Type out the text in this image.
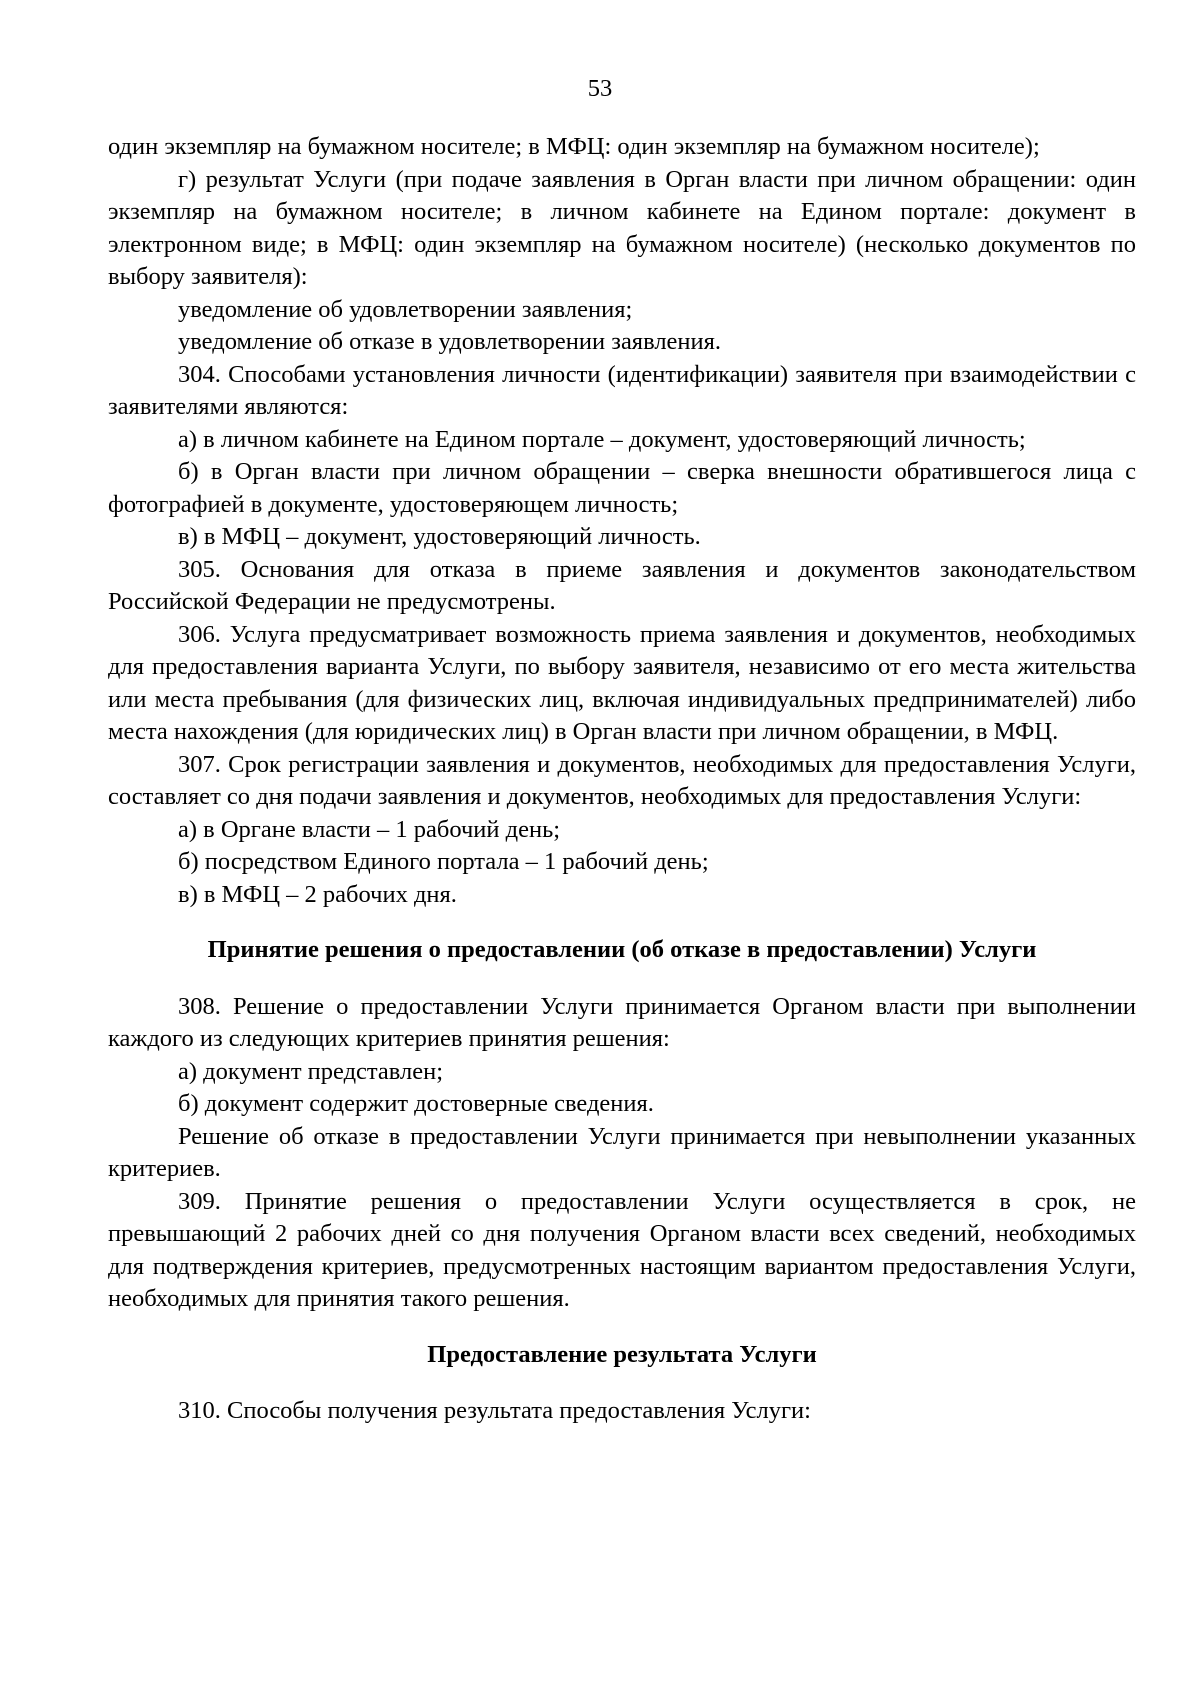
53

один экземпляр на бумажном носителе; в МФЦ: один экземпляр на бумажном носителе);

г) результат Услуги (при подаче заявления в Орган власти при личном обращении: один экземпляр на бумажном носителе; в личном кабинете на Едином портале: документ в электронном виде; в МФЦ: один экземпляр на бумажном носителе) (несколько документов по выбору заявителя):

уведомление об удовлетворении заявления;

уведомление об отказе в удовлетворении заявления.

304. Способами установления личности (идентификации) заявителя при взаимодействии с заявителями являются:

а) в личном кабинете на Едином портале – документ, удостоверяющий личность;

б) в Орган власти при личном обращении – сверка внешности обратившегося лица с фотографией в документе, удостоверяющем личность;

в) в МФЦ – документ, удостоверяющий личность.

305. Основания для отказа в приеме заявления и документов законодательством Российской Федерации не предусмотрены.

306. Услуга предусматривает возможность приема заявления и документов, необходимых для предоставления варианта Услуги, по выбору заявителя, независимо от его места жительства или места пребывания (для физических лиц, включая индивидуальных предпринимателей) либо места нахождения (для юридических лиц) в Орган власти при личном обращении, в МФЦ.

307. Срок регистрации заявления и документов, необходимых для предоставления Услуги, составляет со дня подачи заявления и документов, необходимых для предоставления Услуги:

а) в Органе власти – 1 рабочий день;

б) посредством Единого портала – 1 рабочий день;

в) в МФЦ – 2 рабочих дня.

Принятие решения о предоставлении (об отказе в предоставлении) Услуги

308. Решение о предоставлении Услуги принимается Органом власти при выполнении каждого из следующих критериев принятия решения:

а) документ представлен;

б) документ содержит достоверные сведения.

Решение об отказе в предоставлении Услуги принимается при невыполнении указанных критериев.

309. Принятие решения о предоставлении Услуги осуществляется в срок, не превышающий 2 рабочих дней со дня получения Органом власти всех сведений, необходимых для подтверждения критериев, предусмотренных настоящим вариантом предоставления Услуги, необходимых для принятия такого решения.

Предоставление результата Услуги

310. Способы получения результата предоставления Услуги:
